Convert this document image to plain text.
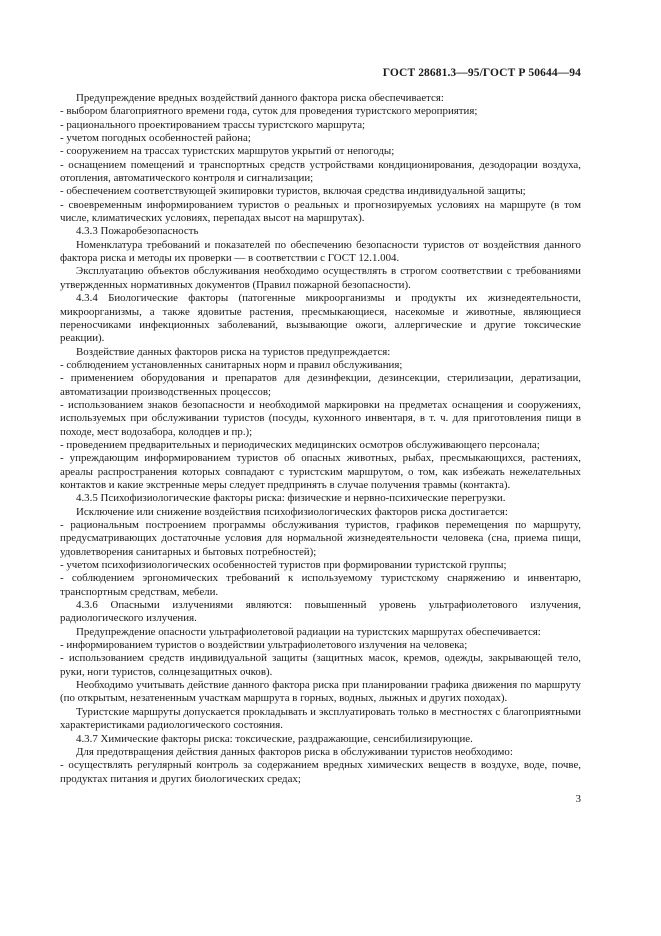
ГОСТ 28681.3—95/ГОСТ Р 50644—94

Предупреждение вредных воздействий данного фактора риска обеспечивается:

- выбором благоприятного времени года, суток для проведения туристского мероприятия;

- рационального проектированием трассы туристского маршрута;

- учетом погодных особенностей района;

- сооружением на трассах туристских маршрутов укрытий от непогоды;

- оснащением помещений и транспортных средств устройствами кондиционирования, дезодорации воздуха, отопления, автоматического контроля и сигнализации;

- обеспечением соответствующей экипировки туристов, включая средства индивидуальной защиты;

- своевременным информированием туристов о реальных и прогнозируемых условиях на маршруте (в том числе, климатических условиях, перепадах высот на маршрутах).

4.3.3 Пожаробезопасность

Номенклатура требований и показателей по обеспечению безопасности туристов от воздействия данного фактора риска и методы их проверки — в соответствии с ГОСТ 12.1.004.

Эксплуатацию объектов обслуживания необходимо осуществлять в строгом соответствии с требованиями утвержденных нормативных документов (Правил пожарной безопасности).

4.3.4 Биологические факторы (патогенные микроорганизмы и продукты их жизнедеятельности, микроорганизмы, а также ядовитые растения, пресмыкающиеся, насекомые и животные, являющиеся переносчиками инфекционных заболеваний, вызывающие ожоги, аллергические и другие токсические реакции).

Воздействие данных факторов риска на туристов предупреждается:

- соблюдением установленных санитарных норм и правил обслуживания;

- применением оборудования и препаратов для дезинфекции, дезинсекции, стерилизации, дератизации, автоматизации производственных процессов;

- использованием знаков безопасности и необходимой маркировки на предметах оснащения и сооружениях, используемых при обслуживании туристов (посуды, кухонного инвентаря, в т. ч. для приготовления пищи в походе, мест водозабора, колодцев и пр.);

- проведением предварительных и периодических медицинских осмотров обслуживающего персонала;

- упреждающим информированием туристов об опасных животных, рыбах, пресмыкающихся, растениях, ареалы распространения которых совпадают с туристским маршрутом, о том, как избежать нежелательных контактов и какие экстренные меры следует предпринять в случае получения травмы (контакта).

4.3.5 Психофизиологические факторы риска: физические и нервно-психические перегрузки.

Исключение или снижение воздействия психофизиологических факторов риска достигается:

- рациональным построением программы обслуживания туристов, графиков перемещения по маршруту, предусматривающих достаточные условия для нормальной жизнедеятельности человека (сна, приема пищи, удовлетворения санитарных и бытовых потребностей);

- учетом психофизиологических особенностей туристов при формировании туристской группы;

- соблюдением эргономических требований к используемому туристскому снаряжению и инвентарю, транспортным средствам, мебели.

4.3.6 Опасными излучениями являются: повышенный уровень ультрафиолетового излучения, радиологического излучения.

Предупреждение опасности ультрафиолетовой радиации на туристских маршрутах обеспечивается:

- информированием туристов о воздействии ультрафиолетового излучения на человека;

- использованием средств индивидуальной защиты (защитных масок, кремов, одежды, закрывающей тело, руки, ноги туристов, солнцезащитных очков).

Необходимо учитывать действие данного фактора риска при планировании графика движения по маршруту (по открытым, незатененным участкам маршрута в горных, водных, лыжных и других походах).

Туристские маршруты допускается прокладывать и эксплуатировать только в местностях с благоприятными характеристиками радиологического состояния.

4.3.7 Химические факторы риска: токсические, раздражающие, сенсибилизирующие.

Для предотвращения действия данных факторов риска в обслуживании туристов необходимо:

- осуществлять регулярный контроль за содержанием вредных химических веществ в воздухе, воде, почве, продуктах питания и других биологических средах;

3
